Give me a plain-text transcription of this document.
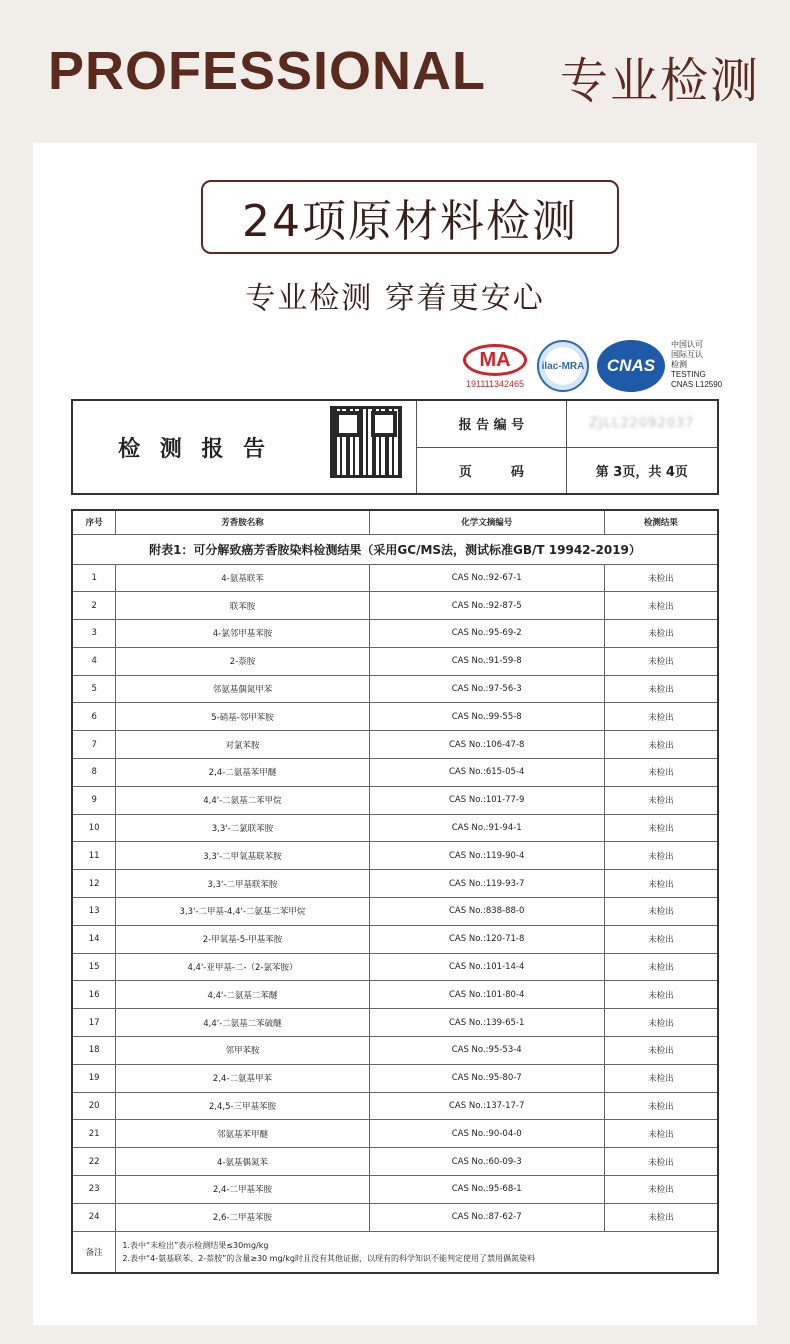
PROFESSIONAL 专业检测
24项原材料检测
专业检测 穿着更安心
MA
191111342465
ilac-MRA	CNAS
中国认可
国际互认
检测
TESTING
CNAS L12590
检 测 报 告	报 告 编 号	ZJLL22092037
	页　　　码	第 3页，共 4页
附表1：可分解致癌芳香胺染料检测结果（采用GC/MS法，测试标准GB/T 19942-2019）			
序号	芳香胺名称	化学文摘编号	检测结果
1	4-氨基联苯	CAS No.:92-67-1	未检出
2	联苯胺	CAS No.:92-87-5	未检出
3	4-氯邻甲基苯胺	CAS No.:95-69-2	未检出
4	2-萘胺	CAS No.:91-59-8	未检出
5	邻氨基偶氮甲苯	CAS No.:97-56-3	未检出
6	5-硝基-邻甲苯胺	CAS No.:99-55-8	未检出
7	对氯苯胺	CAS No.:106-47-8	未检出
8	2,4-二氨基苯甲醚	CAS No.:615-05-4	未检出
9	4,4'-二氨基二苯甲烷	CAS No.:101-77-9	未检出
10	3,3'-二氯联苯胺	CAS No.:91-94-1	未检出
11	3,3'-二甲氧基联苯胺	CAS No.:119-90-4	未检出
12	3,3'-二甲基联苯胺	CAS No.:119-93-7	未检出
13	3,3'-二甲基-4,4'-二氨基二苯甲烷	CAS No.:838-88-0	未检出
14	2-甲氧基-5-甲基苯胺	CAS No.:120-71-8	未检出
15	4,4'-亚甲基-二-（2-氯苯胺）	CAS No.:101-14-4	未检出
16	4,4'-二氨基二苯醚	CAS No.:101-80-4	未检出
17	4,4'-二氨基二苯硫醚	CAS No.:139-65-1	未检出
18	邻甲苯胺	CAS No.:95-53-4	未检出
19	2,4-二氨基甲苯	CAS No.:95-80-7	未检出
20	2,4,5-三甲基苯胺	CAS No.:137-17-7	未检出
21	邻氨基苯甲醚	CAS No.:90-04-0	未检出
22	4-氨基偶氮苯	CAS No.:60-09-3	未检出
23	2,4-二甲基苯胺	CAS No.:95-68-1	未检出
24	2,6-二甲基苯胺	CAS No.:87-62-7	未检出
备注	1.表中“未检出”表示检测结果≤30mg/kg
2.表中“4-氨基联苯、2-萘胺”的含量≥30 mg/kg时且没有其他证据，以现有的科学知识不能判定使用了禁用偶氮染料		
